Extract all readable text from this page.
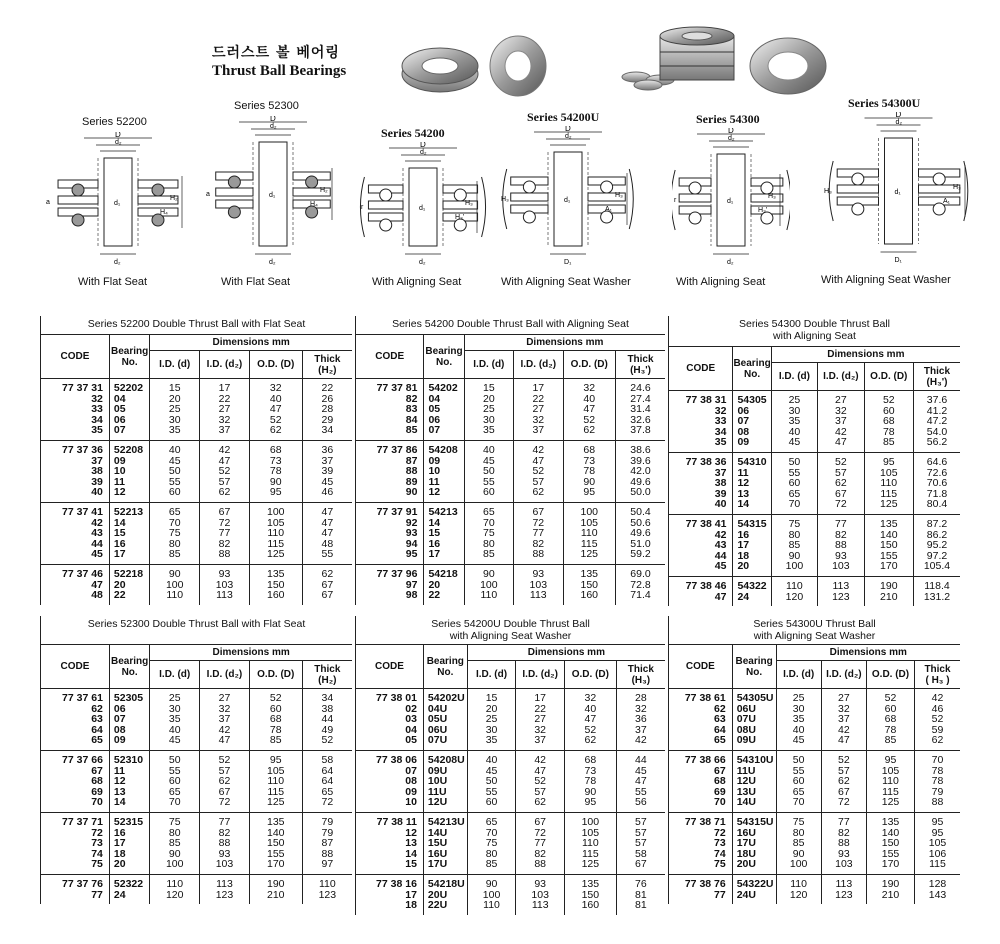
드러스트 볼 베어링
Thrust Ball Bearings
Series 52200
D
d₂
d₁
H₂
H₄
a
d₂
With Flat Seat
Series 52300
D
d₂
d₁
H₂
H₄
a
d₂
With Flat Seat
Series 54200
D
d₂
d₁
H₃
H₃'
r
d₂
With Aligning Seat
Series 54200U
D
d₂
d₁
H₃
A₁
H₃
D₁
With Aligning Seat Washer
Series 54300
D
d₂
d₁
H₃
H₃'
r
d₂
With Aligning Seat
Series 54300U
D
d₂
d₁
H₃
A₁
H₃
D₁
With Aligning Seat Washer
Series 52200 Double Thrust Ball with Flat Seat
CODE	Bearing
No.	Dimensions mm			
		I.D. (d)	I.D. (d₂)	O.D. (D)	Thick
(H₂)
77 37 31	52202	15	17	32	22
32	04	20	22	40	26
33	05	25	27	47	28
34	06	30	32	52	29
35	07	35	37	62	34
77 37 36	52208	40	42	68	36
37	09	45	47	73	37
38	10	50	52	78	39
39	11	55	57	90	45
40	12	60	62	95	46
77 37 41	52213	65	67	100	47
42	14	70	72	105	47
43	15	75	77	110	47
44	16	80	82	115	48
45	17	85	88	125	55
77 37 46	52218	90	93	135	62
47	20	100	103	150	67
48	22	110	113	160	67
Series 54200 Double Thrust Ball with Aligning Seat
CODE	Bearing
No.	Dimensions mm			
		I.D. (d)	I.D. (d₂)	O.D. (D)	Thick
(H₃')
77 37 81	54202	15	17	32	24.6
82	04	20	22	40	27.4
83	05	25	27	47	31.4
84	06	30	32	52	32.6
85	07	35	37	62	37.8
77 37 86	54208	40	42	68	38.6
87	09	45	47	73	39.6
88	10	50	52	78	42.0
89	11	55	57	90	49.6
90	12	60	62	95	50.0
77 37 91	54213	65	67	100	50.4
92	14	70	72	105	50.6
93	15	75	77	110	49.6
94	16	80	82	115	51.0
95	17	85	88	125	59.2
77 37 96	54218	90	93	135	69.0
97	20	100	103	150	72.8
98	22	110	113	160	71.4
Series 54300 Double Thrust Ball
with Aligning Seat
CODE	Bearing
No.	Dimensions mm			
		I.D. (d)	I.D. (d₂)	O.D. (D)	Thick
(H₃')
77 38 31	54305	25	27	52	37.6
32	06	30	32	60	41.2
33	07	35	37	68	47.2
34	08	40	42	78	54.0
35	09	45	47	85	56.2
77 38 36	54310	50	52	95	64.6
37	11	55	57	105	72.6
38	12	60	62	110	70.6
39	13	65	67	115	71.8
40	14	70	72	125	80.4
77 38 41	54315	75	77	135	87.2
42	16	80	82	140	86.2
43	17	85	88	150	95.2
44	18	90	93	155	97.2
45	20	100	103	170	105.4
77 38 46	54322	110	113	190	118.4
47	24	120	123	210	131.2
Series 52300 Double Thrust Ball with Flat Seat
CODE	Bearing
No.	Dimensions mm			
		I.D. (d)	I.D. (d₂)	O.D. (D)	Thick
(H₂)
77 37 61	52305	25	27	52	34
62	06	30	32	60	38
63	07	35	37	68	44
64	08	40	42	78	49
65	09	45	47	85	52
77 37 66	52310	50	52	95	58
67	11	55	57	105	64
68	12	60	62	110	64
69	13	65	67	115	65
70	14	70	72	125	72
77 37 71	52315	75	77	135	79
72	16	80	82	140	79
73	17	85	88	150	87
74	18	90	93	155	88
75	20	100	103	170	97
77 37 76	52322	110	113	190	110
77	24	120	123	210	123
Series 54200U Double Thrust Ball
with Aligning Seat Washer
CODE	Bearing
No.	Dimensions mm			
		I.D. (d)	I.D. (d₂)	O.D. (D)	Thick
(H₃)
77 38 01	54202U	15	17	32	28
02	04U	20	22	40	32
03	05U	25	27	47	36
04	06U	30	32	52	37
05	07U	35	37	62	42
77 38 06	54208U	40	42	68	44
07	09U	45	47	73	45
08	10U	50	52	78	47
09	11U	55	57	90	55
10	12U	60	62	95	56
77 38 11	54213U	65	67	100	57
12	14U	70	72	105	57
13	15U	75	77	110	57
14	16U	80	82	115	58
15	17U	85	88	125	67
77 38 16	54218U	90	93	135	76
17	20U	100	103	150	81
18	22U	110	113	160	81
Series 54300U Thrust Ball
with Aligning Seat Washer
CODE	Bearing
No.	Dimensions mm			
		I.D. (d)	I.D. (d₂)	O.D. (D)	Thick
( H₃ )
77 38 61	54305U	25	27	52	42
62	06U	30	32	60	46
63	07U	35	37	68	52
64	08U	40	42	78	59
65	09U	45	47	85	62
77 38 66	54310U	50	52	95	70
67	11U	55	57	105	78
68	12U	60	62	110	78
69	13U	65	67	115	79
70	14U	70	72	125	88
77 38 71	54315U	75	77	135	95
72	16U	80	82	140	95
73	17U	85	88	150	105
74	18U	90	93	155	106
75	20U	100	103	170	115
77 38 76	54322U	110	113	190	128
77	24U	120	123	210	143
